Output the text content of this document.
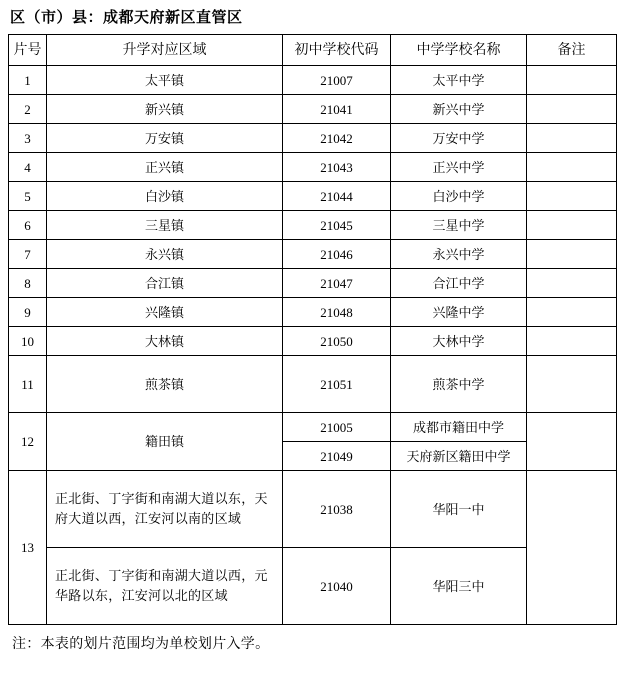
区（市）县：成都天府新区直管区
片号	升学对应区域	初中学校代码	中学学校名称	备注
1	太平镇	21007	太平中学	
2	新兴镇	21041	新兴中学	
3	万安镇	21042	万安中学	
4	正兴镇	21043	正兴中学	
5	白沙镇	21044	白沙中学	
6	三星镇	21045	三星中学	
7	永兴镇	21046	永兴中学	
8	合江镇	21047	合江中学	
9	兴隆镇	21048	兴隆中学	
10	大林镇	21050	大林中学	
11	煎茶镇	21051	煎茶中学	
12	籍田镇	21005	成都市籍田中学	
		21049	天府新区籍田中学	
13	正北街、丁字街和南湖大道以东，天府大道以西，江安河以南的区域	21038	华阳一中	
	正北街、丁字街和南湖大道以西，元华路以东，江安河以北的区域	21040	华阳三中	
注：本表的划片范围均为单校划片入学。
